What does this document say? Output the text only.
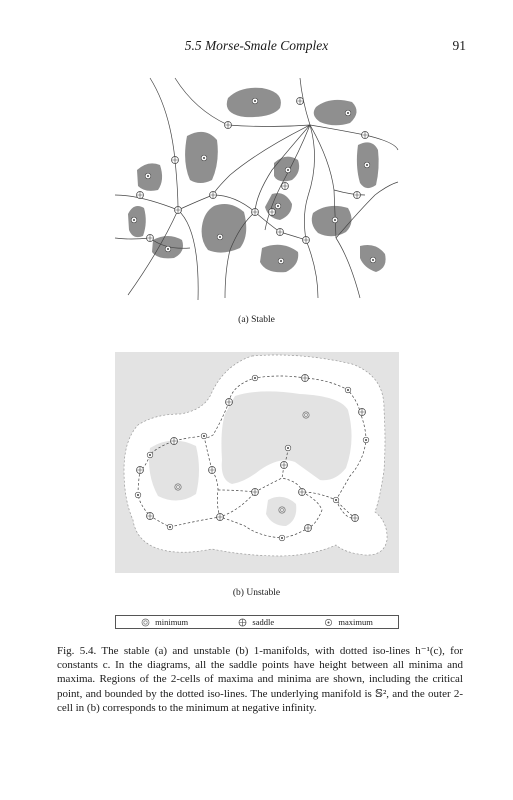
5.5 Morse-Smale Complex	91
(a) Stable
(b) Unstable
minimum	saddle	maximum

Fig. 5.4. The stable (a) and unstable (b) 1-manifolds, with dotted iso-lines h⁻¹(c), for constants c. In the diagrams, all the saddle points have height between all minima and maxima. Regions of the 2-cells of maxima and minima are shown, including the critical point, and bounded by the dotted iso-lines. The underlying manifold is 𝕊², and the outer 2-cell in (b) corresponds to the minimum at negative infinity.
